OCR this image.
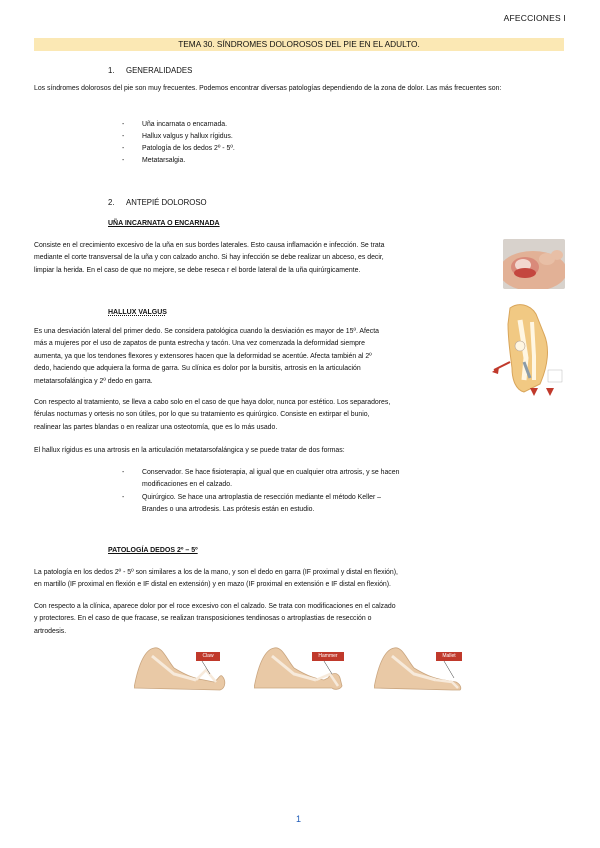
AFECCIONES I
TEMA 30. SÍNDROMES DOLOROSOS DEL PIE EN EL ADULTO.
1. GENERALIDADES
Los síndromes dolorosos del pie son muy frecuentes. Podemos encontrar diversas patologías dependiendo de la zona de dolor. Las más frecuentes son:
-	Uña incarnata o encarnada.
-	Hallux valgus y hallux rígidus.
-	Patología de los dedos 2º - 5º.
-	Metatarsalgia.
2. ANTEPIÉ DOLOROSO
UÑA INCARNATA O ENCARNADA
Consiste en el crecimiento excesivo de la uña en sus bordes laterales. Esto causa inflamación e infección. Se trata
mediante el corte transversal de la uña y con calzado ancho. Si hay infección se debe realizar un abceso, es decir,
limpiar la herida. En el caso de que no mejore, se debe reseca r el borde lateral de la uña quirúrgicamente.
HALLUX VALGUS
Es una desviación lateral del primer dedo. Se considera patológica cuando la desviación es mayor de 15º. Afecta
más a mujeres por el uso de zapatos de punta estrecha y tacón. Una vez comenzada la deformidad siempre
aumenta, ya que los tendones flexores y extensores hacen que la deformidad se acentúe. Afecta también al 2º
dedo, haciendo que adquiera la forma de garra. Su clínica es dolor por la bursitis, artrosis en la articulación
metatarsofalángica y 2º dedo en garra.
Con respecto al tratamiento, se lleva a cabo solo en el caso de que haya dolor, nunca por estético. Los separadores,
férulas nocturnas y ortesis no son útiles, por lo que su tratamiento es quirúrgico. Consiste en extirpar el bunio,
realinear las partes blandas o en realizar una osteotomía, que es lo más usado.
El hallux rígidus es una artrosis en la articulación metatarsofalángica y se puede tratar de dos formas:
-	Conservador. Se hace fisioterapia, al igual que en cualquier otra artrosis, y se hacen
modificaciones en el calzado.
-	Quirúrgico. Se hace una artroplastia de resección mediante el método Keller –
Brandes o una artrodesis. Las prótesis están en estudio.
PATOLOGÍA DEDOS 2º – 5º
La patología en los dedos 2º - 5º son similares a los de la mano, y son el dedo en garra (IF proximal y distal en flexión),
en martillo (IF proximal en flexión e IF distal en extensión) y en mazo (IF proximal en extensión e IF distal en flexión).
Con respecto a la clínica, aparece dolor por el roce excesivo con el calzado. Se trata con modificaciones en el calzado
y protectores. En el caso de que fracase, se realizan transposiciones tendinosas o artroplastias de resección o
artrodesis.
Claw	Hammer	Mallet
1
